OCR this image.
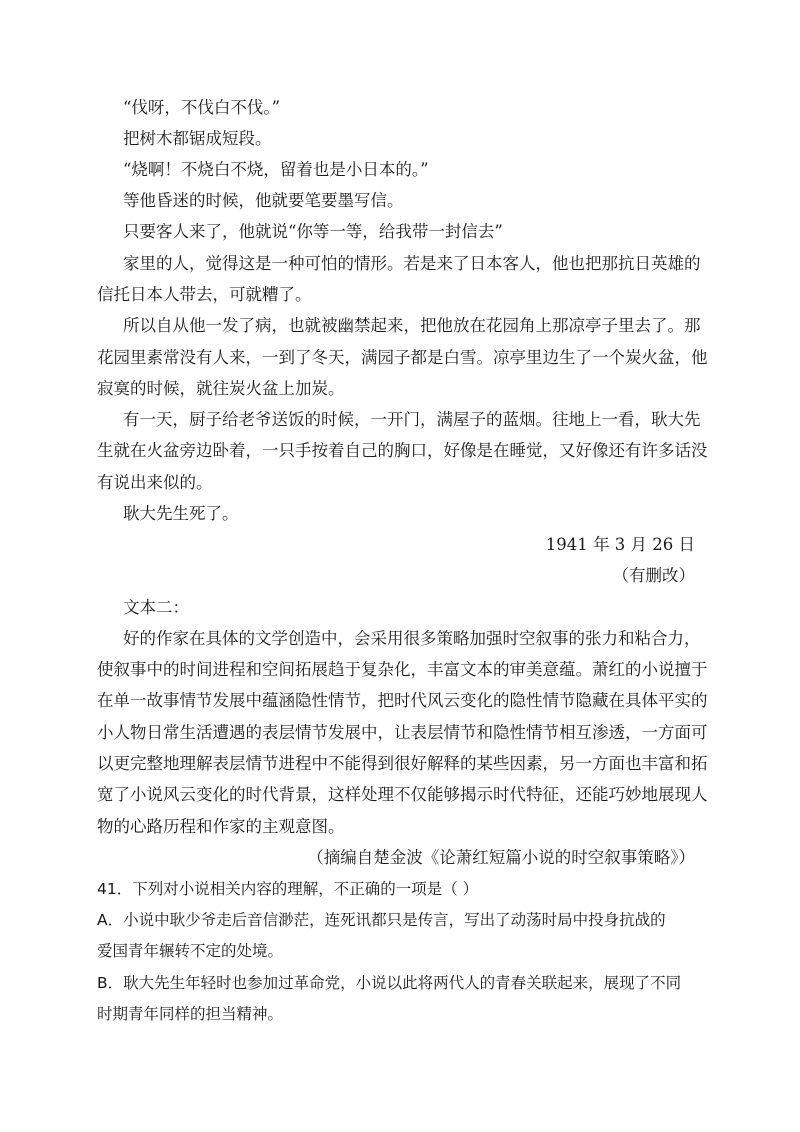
“伐呀，不伐白不伐。”
把树木都锯成短段。
“烧啊！不烧白不烧，留着也是小日本的。”
等他昏迷的时候，他就要笔要墨写信。
只要客人来了，他就说“你等一等，给我带一封信去”
家里的人，觉得这是一种可怕的情形。若是来了日本客人，他也把那抗日英雄的
信托日本人带去，可就糟了。
所以自从他一发了病，也就被幽禁起来，把他放在花园角上那凉亭子里去了。那
花园里素常没有人来，一到了冬天，满园子都是白雪。凉亭里边生了一个炭火盆，他
寂寞的时候，就往炭火盆上加炭。
有一天，厨子给老爷送饭的时候，一开门，满屋子的蓝烟。往地上一看，耿大先
生就在火盆旁边卧着，一只手按着自己的胸口，好像是在睡觉，又好像还有许多话没
有说出来似的。
耿大先生死了。
1941 年 3 月 26 日
（有删改）
文本二：
好的作家在具体的文学创造中，会采用很多策略加强时空叙事的张力和粘合力，
使叙事中的时间进程和空间拓展趋于复杂化，丰富文本的审美意蕴。萧红的小说擅于
在单一故事情节发展中蕴涵隐性情节，把时代风云变化的隐性情节隐藏在具体平实的
小人物日常生活遭遇的表层情节发展中，让表层情节和隐性情节相互渗透，一方面可
以更完整地理解表层情节进程中不能得到很好解释的某些因素，另一方面也丰富和拓
宽了小说风云变化的时代背景，这样处理不仅能够揭示时代特征，还能巧妙地展现人
物的心路历程和作家的主观意图。
（摘编自楚金波《论萧红短篇小说的时空叙事策略》）
41．下列对小说相关内容的理解，不正确的一项是（ ）
A．小说中耿少爷走后音信渺茫，连死讯都只是传言，写出了动荡时局中投身抗战的
爱国青年辗转不定的处境。
B．耿大先生年轻时也参加过革命党，小说以此将两代人的青春关联起来，展现了不同
时期青年同样的担当精神。
